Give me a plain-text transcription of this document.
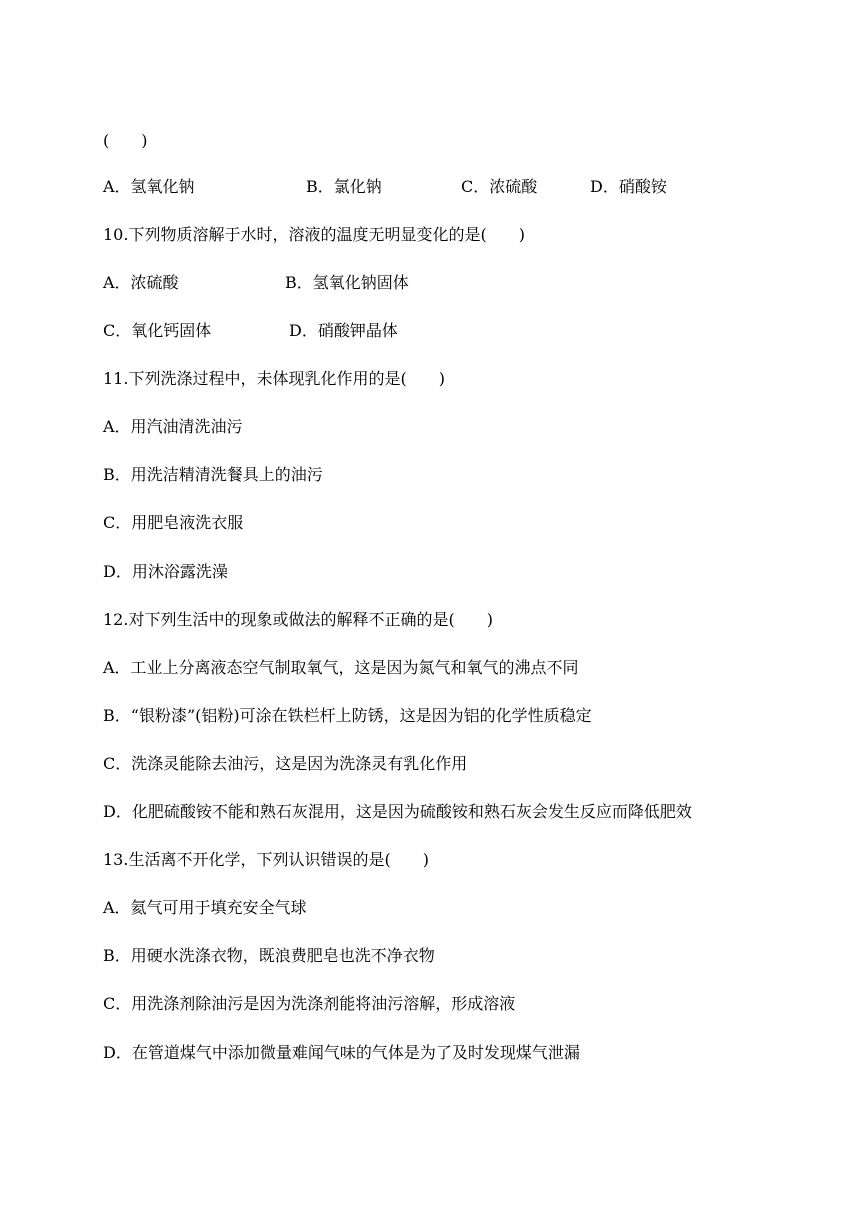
(　　)
A．氢氧化钠	B．氯化钠	C．浓硫酸	D．硝酸铵
10.下列物质溶解于水时，溶液的温度无明显变化的是(　　)
A．浓硫酸	B．氢氧化钠固体
C．氧化钙固体	D．硝酸钾晶体
11.下列洗涤过程中，未体现乳化作用的是(　　)
A．用汽油清洗油污
B．用洗洁精清洗餐具上的油污
C．用肥皂液洗衣服
D．用沐浴露洗澡
12.对下列生活中的现象或做法的解释不正确的是(　　)
A．工业上分离液态空气制取氧气，这是因为氮气和氧气的沸点不同
B．“银粉漆”(铝粉)可涂在铁栏杆上防锈，这是因为铝的化学性质稳定
C．洗涤灵能除去油污，这是因为洗涤灵有乳化作用
D．化肥硫酸铵不能和熟石灰混用，这是因为硫酸铵和熟石灰会发生反应而降低肥效
13.生活离不开化学，下列认识错误的是(　　)
A．氦气可用于填充安全气球
B．用硬水洗涤衣物，既浪费肥皂也洗不净衣物
C．用洗涤剂除油污是因为洗涤剂能将油污溶解，形成溶液
D．在管道煤气中添加微量难闻气味的气体是为了及时发现煤气泄漏
